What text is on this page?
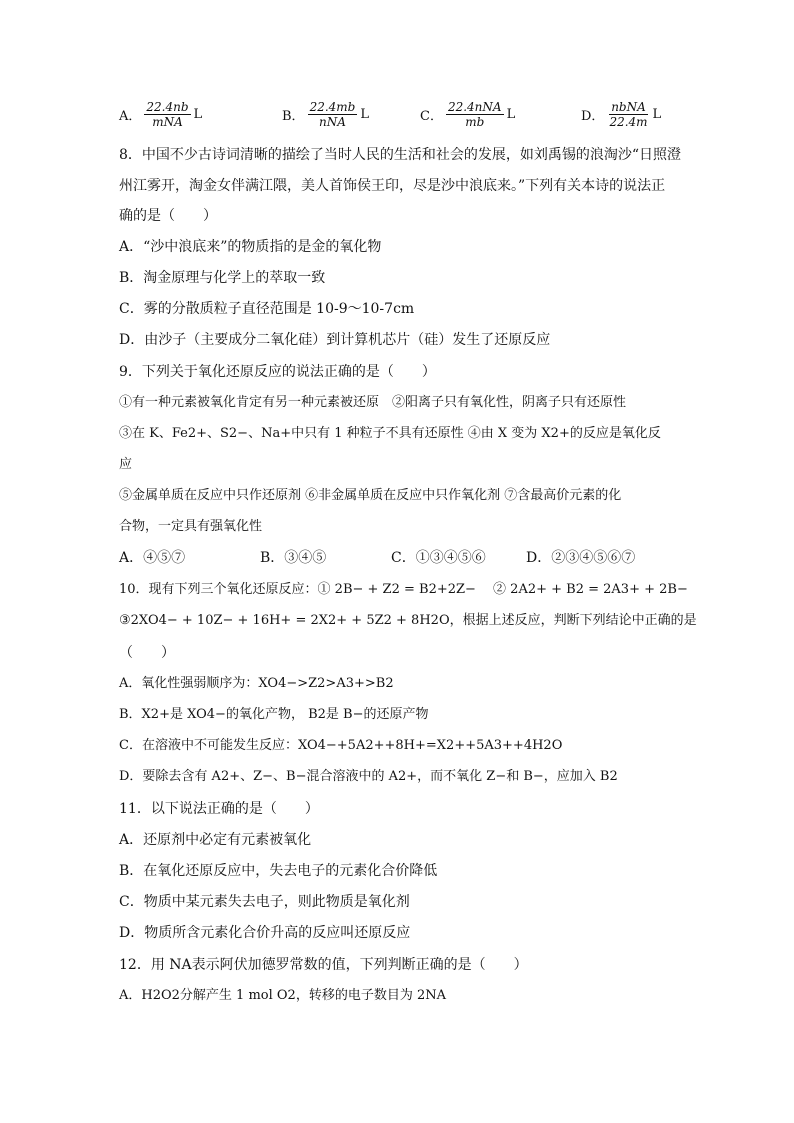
A． $\frac{22.4nb}{\text{mNA}}$ L	B． $\frac{22.4mb}{\text{nNA}}$ L	C． $\frac{\text{22.4nNA}}{mb}$ L	D． $\frac{\text{nbNA}}{22.4m}$ L
8．中国不少古诗词清晰的描绘了当时人民的生活和社会的发展，如刘禹锡的浪淘沙“日照澄
州江雾开，淘金女伴满江隈，美人首饰侯王印，尽是沙中浪底来。”下列有关本诗的说法正
确的是（　　）
A．“沙中浪底来”的物质指的是金的氧化物
B．淘金原理与化学上的萃取一致
C．雾的分散质粒子直径范围是 10-9～10-7cm
D．由沙子（主要成分二氧化硅）到计算机芯片（硅）发生了还原反应
9．下列关于氧化还原反应的说法正确的是（　　）
①有一种元素被氧化肯定有另一种元素被还原　②阳离子只有氧化性，阴离子只有还原性
③在 K、Fe2+、S2−、Na+中只有 1 种粒子不具有还原性 ④由 X 变为 X2+的反应是氧化反
应
⑤金属单质在反应中只作还原剂 ⑥非金属单质在反应中只作氧化剂 ⑦含最高价元素的化
合物，一定具有强氧化性
A．④⑤⑦	B．③④⑤	C．①③④⑤⑥	D．②③④⑤⑥⑦
10．现有下列三个氧化还原反应：① 2B− + Z2 = B2+2Z−　 ② 2A2+ + B2 = 2A3+ + 2B−
③2XO4− + 10Z− + 16H+ = 2X2+ + 5Z2 + 8H2O，根据上述反应，判断下列结论中正确的是
（　　）
A．氧化性强弱顺序为：XO4−>Z2>A3+>B2
B．X2+是 XO4−的氧化产物， B2是 B−的还原产物
C．在溶液中不可能发生反应：XO4−+5A2++8H+=X2++5A3++4H2O
D．要除去含有 A2+、Z−、B−混合溶液中的 A2+，而不氧化 Z−和 B−，应加入 B2
11．以下说法正确的是（　　）
A．还原剂中必定有元素被氧化
B．在氧化还原反应中，失去电子的元素化合价降低
C．物质中某元素失去电子，则此物质是氧化剂
D．物质所含元素化合价升高的反应叫还原反应
12．用 NA表示阿伏加德罗常数的值，下列判断正确的是（　　）
A．H2O2分解产生 1 mol O2，转移的电子数目为 2NA
